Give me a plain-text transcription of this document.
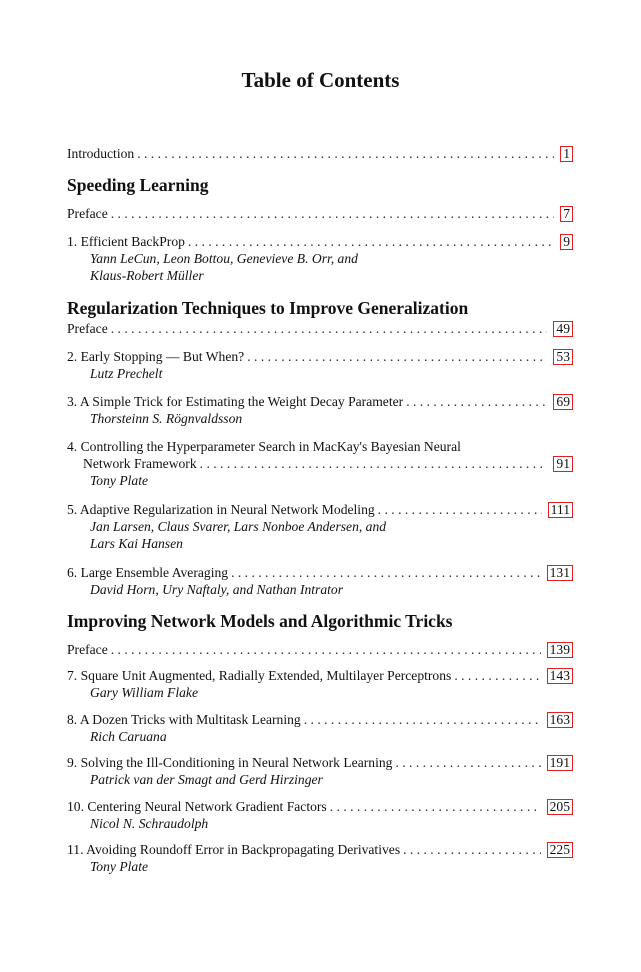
Table of Contents
Introduction . . .	1
Speeding Learning
Preface . . .	7
1. Efficient BackProp . . .	9
Yann LeCun, Leon Bottou, Genevieve B. Orr, and
Klaus-Robert Müller
Regularization Techniques to Improve Generalization
Preface . . .	49
2. Early Stopping — But When? . . .	53
Lutz Prechelt
3. A Simple Trick for Estimating the Weight Decay Parameter . . .	69
Thorsteinn S. Rögnvaldsson
4. Controlling the Hyperparameter Search in MacKay's Bayesian Neural
Network Framework . . .	91
Tony Plate
5. Adaptive Regularization in Neural Network Modeling . . .	111
Jan Larsen, Claus Svarer, Lars Nonboe Andersen, and
Lars Kai Hansen
6. Large Ensemble Averaging . . .	131
David Horn, Ury Naftaly, and Nathan Intrator
Improving Network Models and Algorithmic Tricks
Preface . . .	139
7. Square Unit Augmented, Radially Extended, Multilayer Perceptrons . . .	143
Gary William Flake
8. A Dozen Tricks with Multitask Learning . . .	163
Rich Caruana
9. Solving the Ill-Conditioning in Neural Network Learning . . .	191
Patrick van der Smagt and Gerd Hirzinger
10. Centering Neural Network Gradient Factors . . .	205
Nicol N. Schraudolph
11. Avoiding Roundoff Error in Backpropagating Derivatives . . .	225
Tony Plate
